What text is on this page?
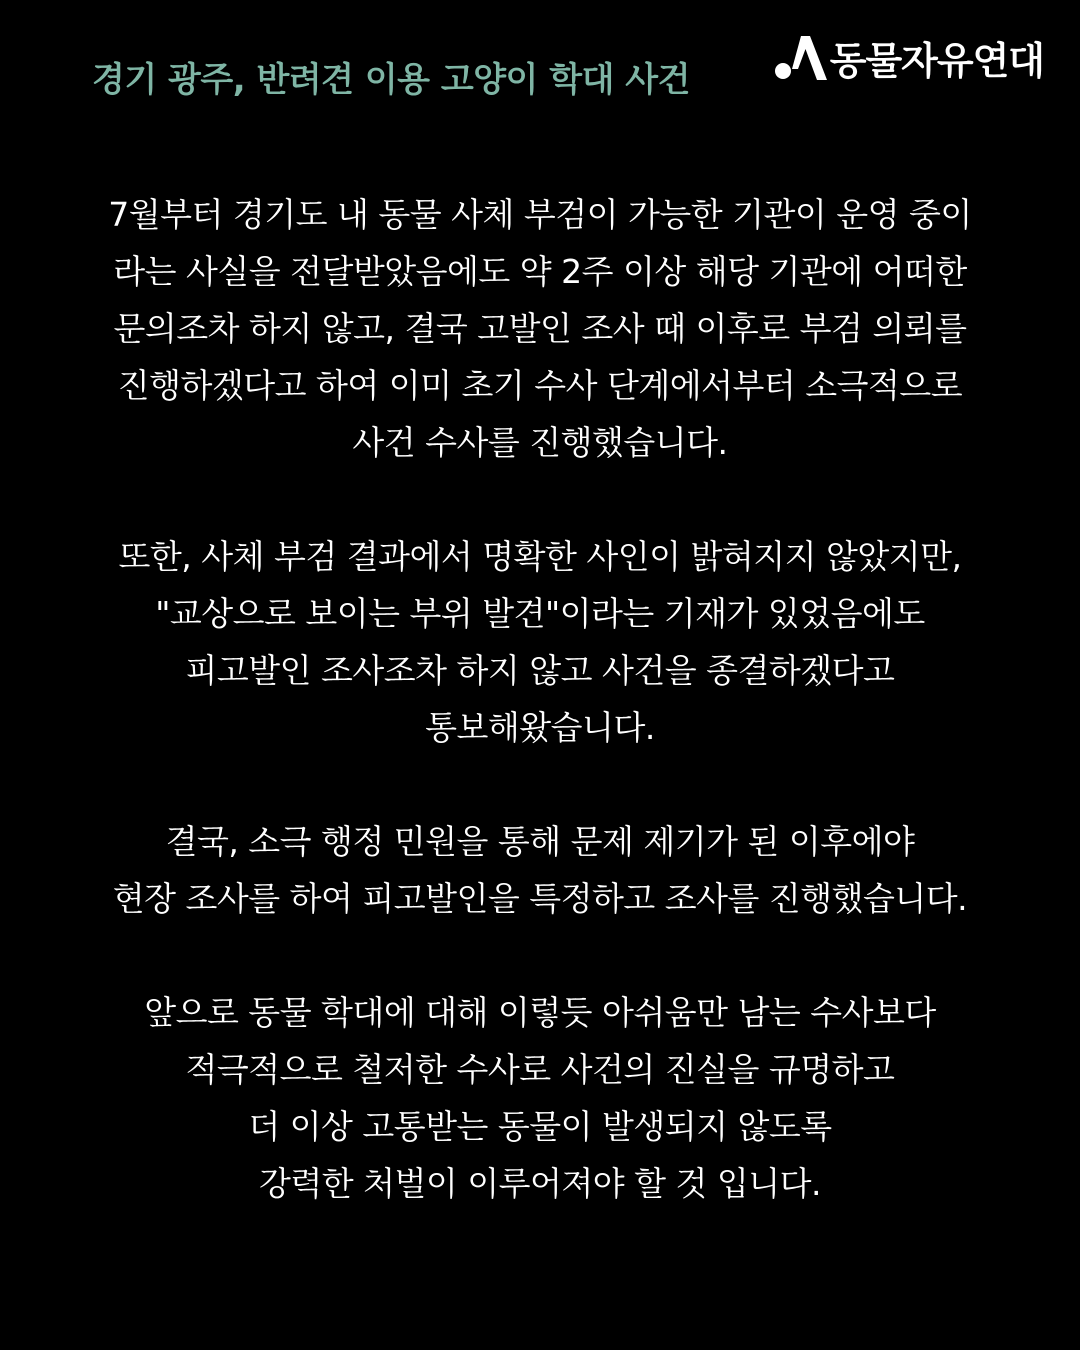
경기 광주, 반려견 이용 고양이 학대 사건	동물자유연대

7월부터 경기도 내 동물 사체 부검이 가능한 기관이 운영 중이
라는 사실을 전달받았음에도 약 2주 이상 해당 기관에 어떠한
문의조차 하지 않고, 결국 고발인 조사 때 이후로 부검 의뢰를
진행하겠다고 하여 이미 초기 수사 단계에서부터 소극적으로
사건 수사를 진행했습니다.

또한, 사체 부검 결과에서 명확한 사인이 밝혀지지 않았지만,
"교상으로 보이는 부위 발견"이라는 기재가 있었음에도
피고발인 조사조차 하지 않고 사건을 종결하겠다고
통보해왔습니다.

결국, 소극 행정 민원을 통해 문제 제기가 된 이후에야
현장 조사를 하여 피고발인을 특정하고 조사를 진행했습니다.

앞으로 동물 학대에 대해 이렇듯 아쉬움만 남는 수사보다
적극적으로 철저한 수사로 사건의 진실을 규명하고
더 이상 고통받는 동물이 발생되지 않도록
강력한 처벌이 이루어져야 할 것 입니다.
